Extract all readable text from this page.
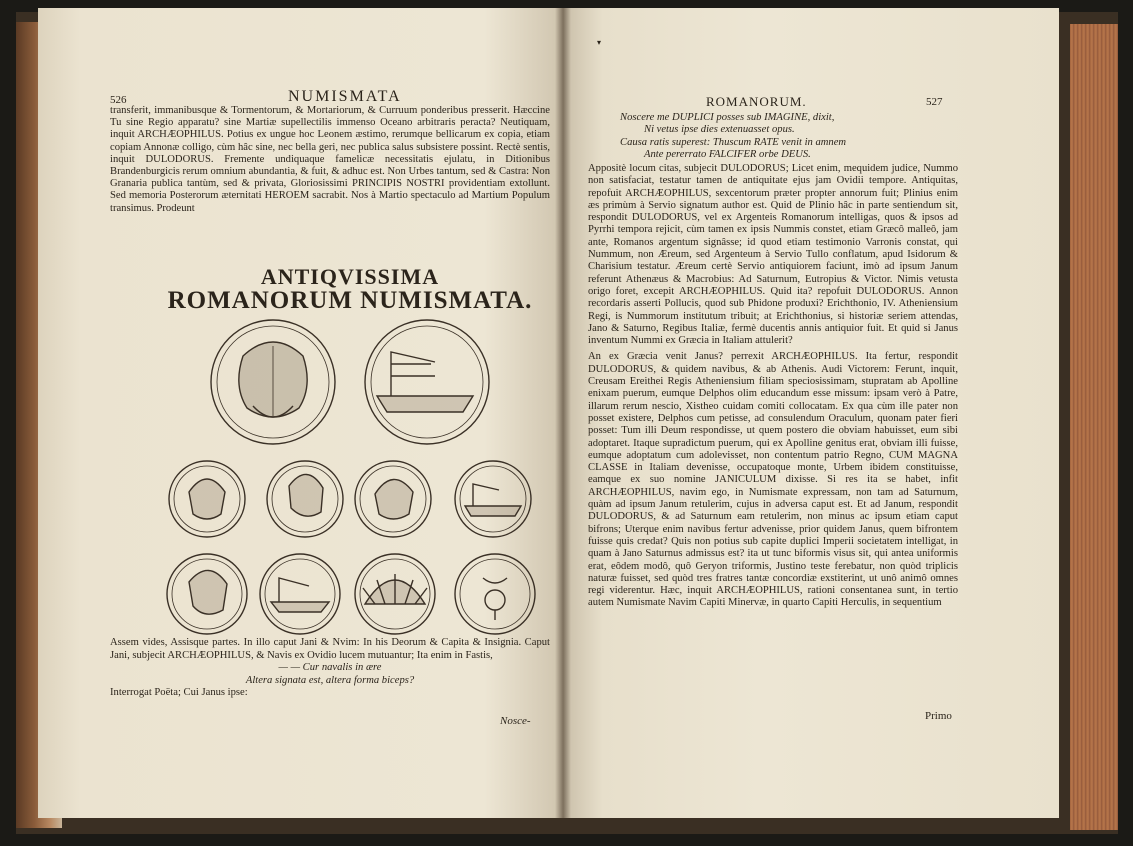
▾
526	NUMISMATA

transferit, immanibusque & Tormentorum, & Mortariorum, & Curruum ponderibus presserit. Hæccine Tu sine Regio apparatu? sine Martiæ supellectilis immenso Oceano arbitraris peracta? Neutiquam, inquit ARCHÆOPHILUS. Potius ex ungue hoc Leonem æstimo, rerumque bellicarum ex copia, etiam copiam Annonæ colligo, cùm hâc sine, nec bella geri, nec publica salus subsistere possint. Rectè sentis, inquit DULODORUS. Fremente undiquaque famelicæ necessitatis ejulatu, in Ditionibus Brandenburgicis rerum omnium abundantia, & fuit, & adhuc est. Non Urbes tantum, sed & Castra: Non Granaria publica tantùm, sed & privata, Gloriosissimi PRINCIPIS NOSTRI providentiam extollunt. Sed memoria Posterorum æternitati HEROEM sacrabit. Nos à Martio spectaculo ad Martium Populum transimus. Prodeunt

ANTIQVISSIMA
ROMANORUM NUMISMATA.

Assem vides, Assisque partes. In illo caput Jani & Nvim: In his Deorum & Capita & Insignia. Caput Jani, subjecit ARCHÆOPHILUS, & Navis ex Ovidio lucem mutuantur; Ita enim in Fastis,

— — Cur navalis in ære

Altera signata est, altera forma biceps?

Interrogat Poëta; Cui Janus ipse:

Nosce-
ROMANORUM.	527

Noscere me DUPLICI posses sub IMAGINE, dixit,

Ni vetus ipse dies extenuasset opus.

Causa ratis superest: Thuscum RATE venit in amnem

Ante pererrato FALCIFER orbe DEUS.

Appositè locum citas, subjecit DULODORUS; Licet enim, mequidem judice, Nummo non satisfaciat, testatur tamen de antiquitate ejus jam Ovidii tempore. Antiquitas, repofuit ARCHÆOPHILUS, sexcentorum præter propter annorum fuit; Plinius enim æs primùm à Servio signatum author est. Quid de Plinio hâc in parte sentiendum sit, respondit DULODORUS, vel ex Argenteis Romanorum intelligas, quos & ipsos ad Pyrrhi tempora rejicit, cùm tamen ex ipsis Nummis constet, etiam Græcô malleô, jam ante, Romanos argentum signâsse; id quod etiam testimonio Varronis constat, qui Nummum, non Æreum, sed Argenteum à Servio Tullo conflatum, apud Isidorum & Charisium testatur. Æreum certè Servio antiquiorem faciunt, imò ad ipsum Janum referunt Athenæus & Macrobius: Ad Saturnum, Eutropius & Victor. Nimis vetusta origo foret, excepit ARCHÆOPHILUS. Quid ita? repofuit DULODORUS. Annon recordaris asserti Pollucis, quod sub Phidone produxi? Erichthonio, IV. Atheniensium Regi, is Nummorum institutum tribuit; at Erichthonius, si historiæ seriem attendas, Jano & Saturno, Regibus Italiæ, fermè ducentis annis antiquior fuit. Et quid si Janus inventum Nummi ex Græcia in Italiam attulerit?

An ex Græcia venit Janus? perrexit ARCHÆOPHILUS. Ita fertur, respondit DULODORUS, & quidem navibus, & ab Athenis. Audi Victorem: Ferunt, inquit, Creusam Ereithei Regis Atheniensium filiam speciosissimam, stupratam ab Apolline enixam puerum, eumque Delphos olim educandum esse missum: ipsam verò à Patre, illarum rerum nescio, Xistheo cuidam comiti collocatam. Ex qua cùm ille pater non posset existere, Delphos cum petisse, ad consulendum Oraculum, quonam pater fieri posset: Tum illi Deum respondisse, ut quem postero die obviam habuisset, eum sibi adoptaret. Itaque supradictum puerum, qui ex Apolline genitus erat, obviam illi fuisse, eumque adoptatum cum adolevisset, non contentum patrio Regno, CUM MAGNA CLASSE in Italiam devenisse, occupatoque monte, Urbem ibidem constituisse, eamque ex suo nomine JANICULUM dixisse. Si res ita se habet, infit ARCHÆOPHILUS, navim ego, in Numismate expressam, non tam ad Saturnum, quàm ad ipsum Janum retulerim, cujus in adversa caput est. Et ad Janum, respondit DULODORUS, & ad Saturnum eam retulerim, non minus ac ipsum etiam caput bifrons; Uterque enim navibus fertur advenisse, prior quidem Janus, quem bifrontem fuisse quis credat? Quis non potius sub capite duplici Imperii societatem intelligat, in quam à Jano Saturnus admissus est? ita ut tunc biformis visus sit, qui antea uniformis erat, eôdem modô, quô Geryon triformis, Justino teste ferebatur, non quòd triplicis naturæ fuisset, sed quòd tres fratres tantæ concordiæ exstiterint, ut unô animô omnes regi viderentur. Hæc, inquit ARCHÆOPHILUS, rationi consentanea sunt, in tertio autem Numismate Navim Capiti Minervæ, in quarto Capiti Herculis, in sequentium

Primo
